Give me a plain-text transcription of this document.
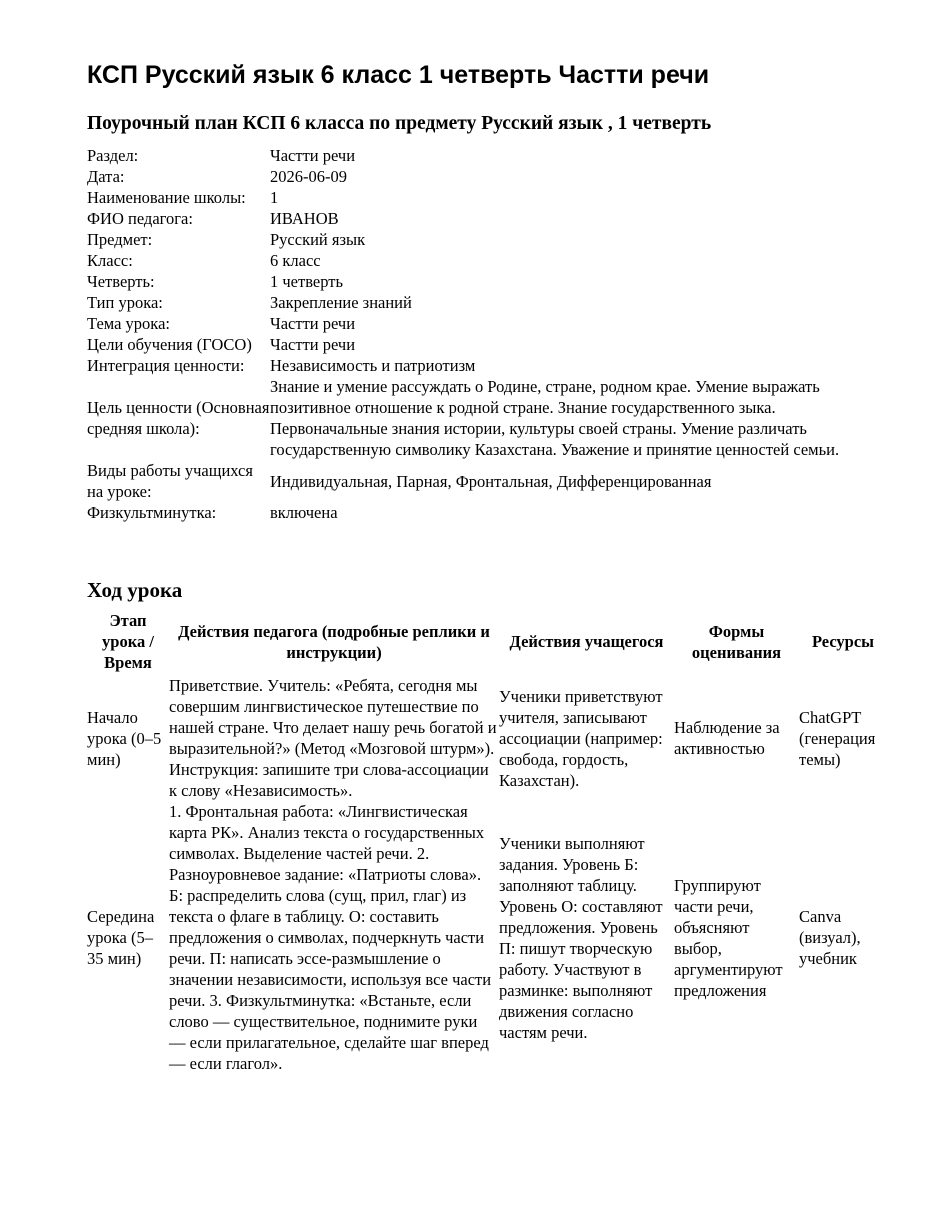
КСП Русский язык 6 класс 1 четверть Частти речи
Поурочный план КСП 6 класса по предмету Русский язык , 1 четверть
Раздел:	Частти речи
Дата:	2026-06-09
Наименование школы:	1
ФИО педагога:	ИВАНОВ
Предмет:	Русский язык
Класс:	6 класс
Четверть:	1 четверть
Тип урока:	Закрепление знаний
Тема урока:	Частти речи
Цели обучения (ГОСО)	Частти речи
Интеграция ценности:	Независимость и патриотизм
Цель ценности (Основная средняя школа):	Знание и умение рассуждать о Родине, стране, родном крае. Умение выражать позитивное отношение к родной стране. Знание государственного зыка. Первоначальные знания истории, культуры своей страны. Умение различать государственную символику Казахстана. Уважение и принятие ценностей семьи.
Виды работы учащихся на уроке:	Индивидуальная, Парная, Фронтальная, Дифференцированная
Физкультминутка:	включена
Ход урока
Этап урока / Время	Действия педагога (подробные реплики и инструкции)	Действия учащегося	Формы оценивания	Ресурсы
Начало урока (0–5 мин)	Приветствие. Учитель: «Ребята, сегодня мы совершим лингвистическое путешествие по нашей стране. Что делает нашу речь богатой и выразительной?» (Метод «Мозговой штурм»). Инструкция: запишите три слова-ассоциации к слову «Независимость».	Ученики приветствуют учителя, записывают ассоциации (например: свобода, гордость, Казахстан).	Наблюдение за активностью	ChatGPT (генерация темы)
Середина урока (5–35 мин)	1. Фронтальная работа: «Лингвистическая карта РК». Анализ текста о государственных символах. Выделение частей речи. 2. Разноуровневое задание: «Патриоты слова». Б: распределить слова (сущ, прил, глаг) из текста о флаге в таблицу. О: составить предложения о символах, подчеркнуть части речи. П: написать эссе-размышление о значении независимости, используя все части речи. 3. Физкультминутка: «Встаньте, если слово — существительное, поднимите руки — если прилагательное, сделайте шаг вперед — если глагол».	Ученики выполняют задания. Уровень Б: заполняют таблицу. Уровень О: составляют предложения. Уровень П: пишут творческую работу. Участвуют в разминке: выполняют движения согласно частям речи.	Группируют части речи, объясняют выбор, аргументируют предложения	Canva (визуал), учебник
